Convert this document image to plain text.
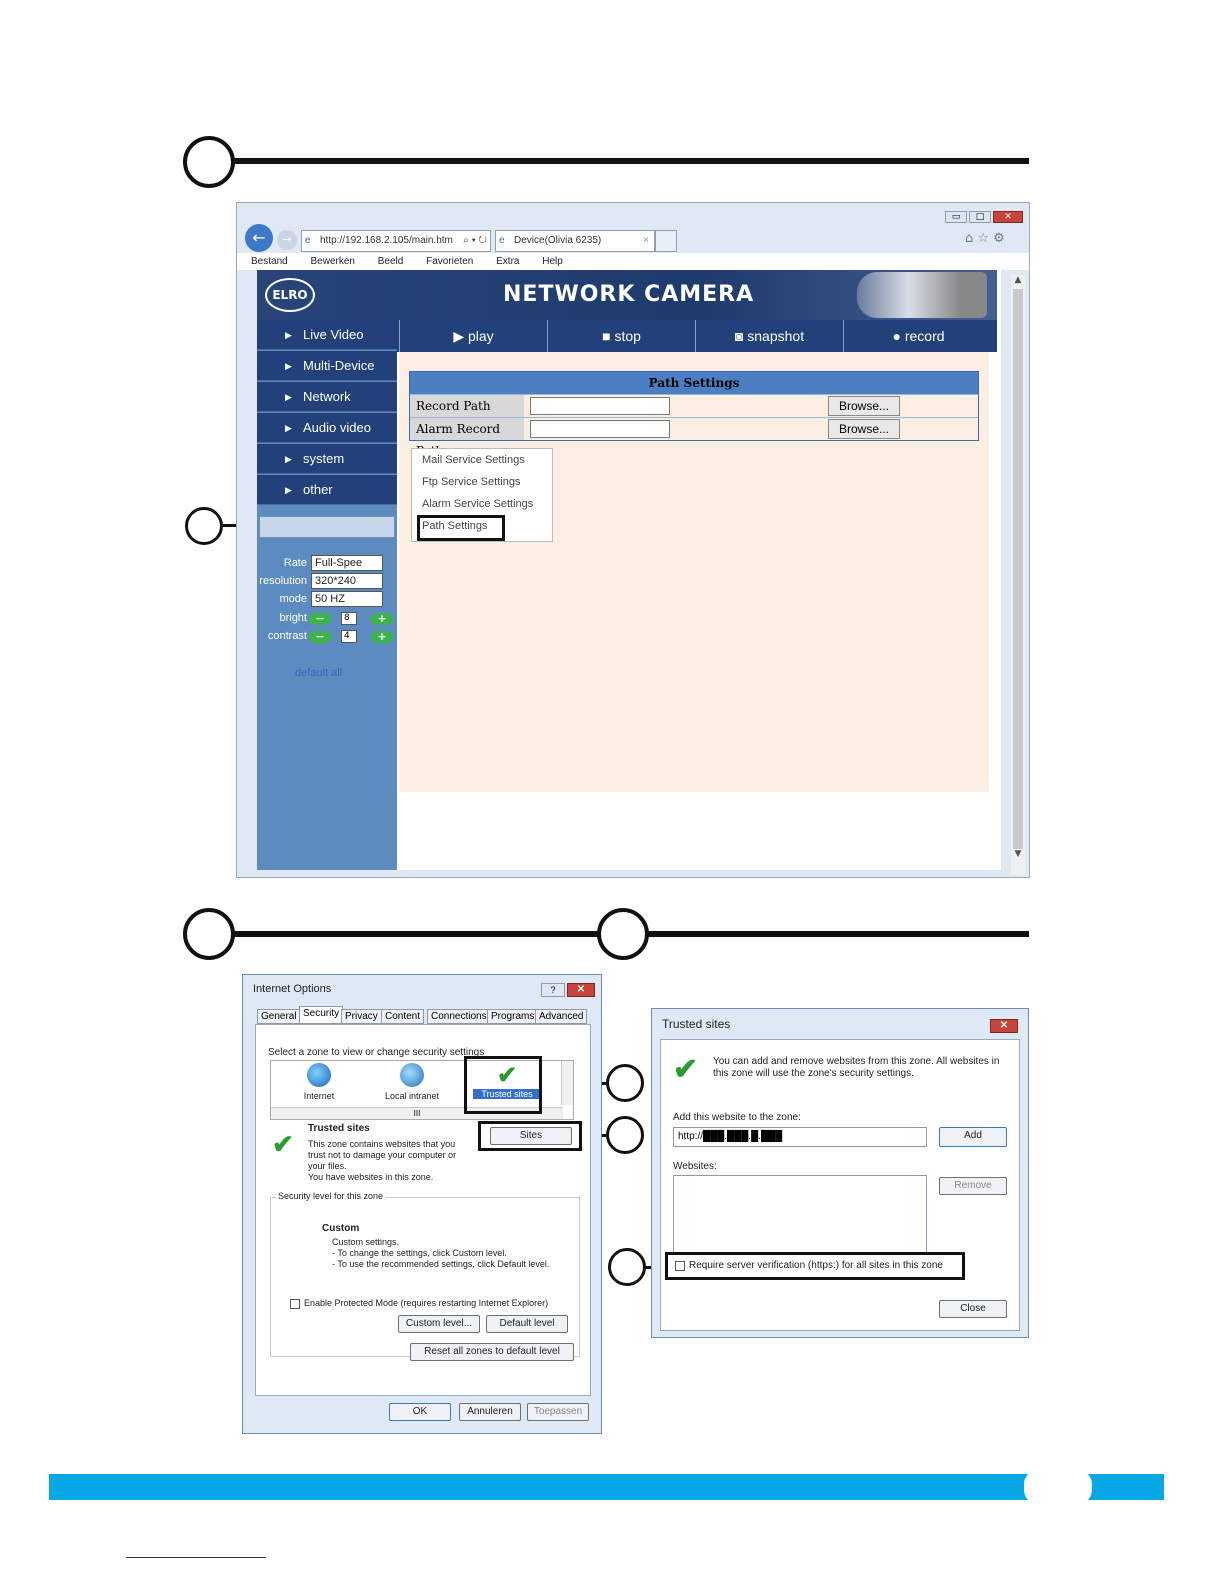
▭	□	✕
←	→	e http://192.168.2.105/main.htm ⌕ ▾ ↻ e Device(Olivia 6235)	×	⌂ ☆ ⚙
Bestand Bewerken Beeld Favorieten Extra Help
▲
▼
ELRO	NETWORK CAMERA
▶ play	■ stop	◙ snapshot	● record
▶ Live Video
▶ Multi-Device
▶ Network
▶ Audio video
▶ system
▶ other
Rate Full-Spee
resolution 320*240
mode 50 HZ
bright −	8	+
contrast −	4	+
default all
Path Settings
Record Path	Browse...
Alarm Record	Browse...
Mail Service Settings
Ftp Service Settings
Alarm Service Settings
Path Settings
Internet Options	?	✕
General Security Privacy Content	Connections Programs Advanced
Select a zone to view or change security settings
Internet	Local intranet
✔
Trusted sites
III
✔
Trusted sites
This zone contains websites that you
trust not to damage your computer or
your files.
You have websites in this zone.
Sites
Security level for this zone
Custom
Custom settings.
- To change the settings, click Custom level.
- To use the recommended settings, click Default level.
Enable Protected Mode (requires restarting Internet Explorer)
Custom level...	Default level
Reset all zones to default level
OK	Annuleren	Toepassen
Trusted sites	✕
✔ You can add and remove websites from this zone. All websites in
this zone will use the zone's security settings.
Add this website to the zone:
http://███.███.█.███	Add
Websites:
Remove
Require server verification (https:) for all sites in this zone
Close
